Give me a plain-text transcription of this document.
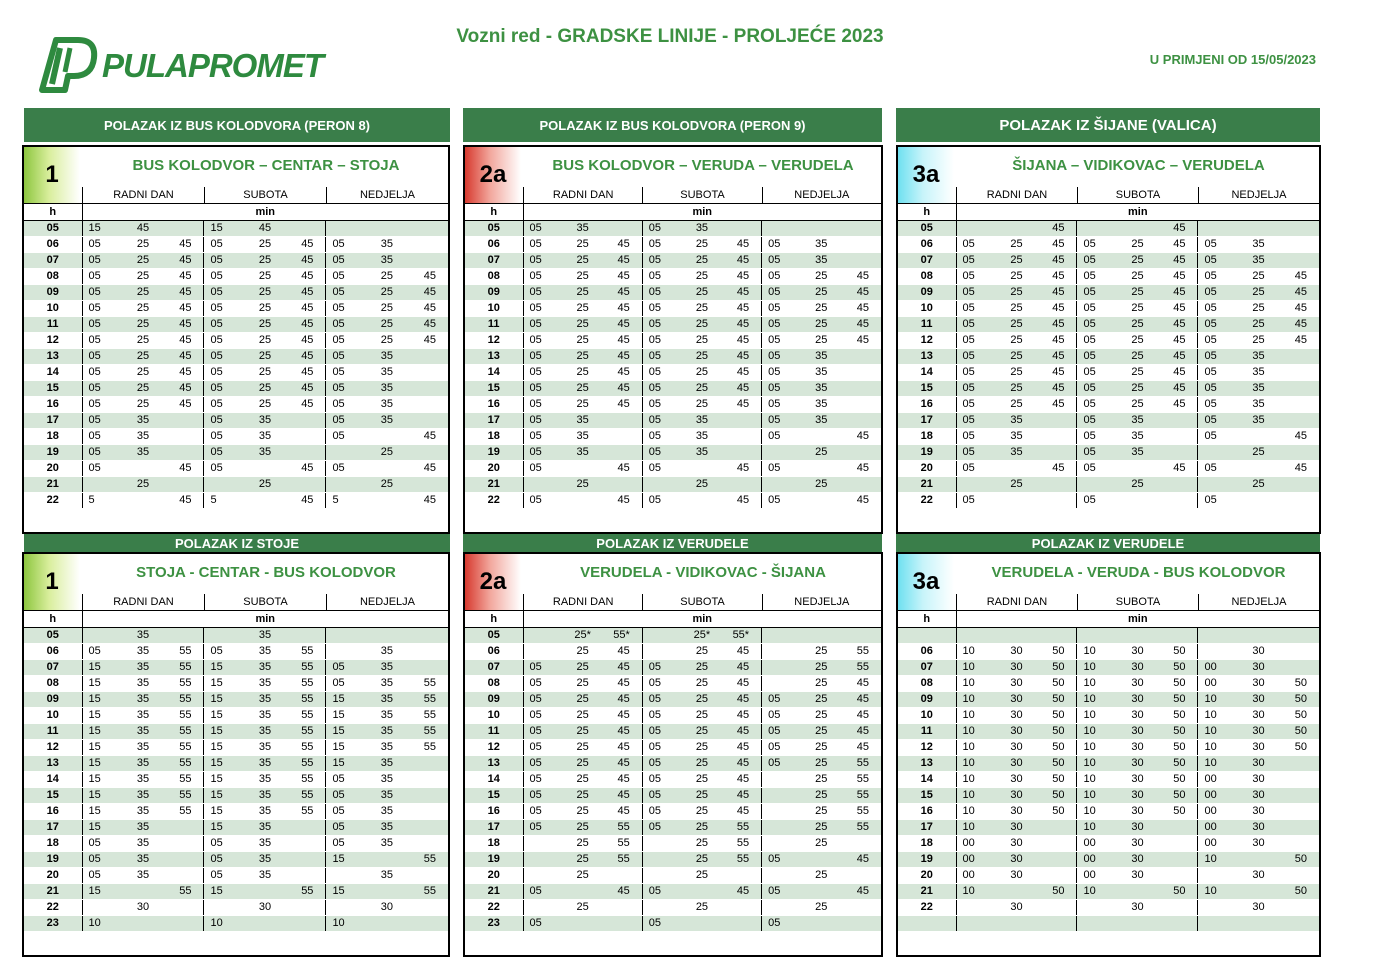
PULAPROMET
Vozni red - GRADSKE LINIJE - PROLJEĆE 2023
U PRIMJENI OD 15/05/2023
POLAZAK IZ BUS KOLODVORA (PERON 8)	POLAZAK IZ BUS KOLODVORA (PERON 9)	POLAZAK IZ ŠIJANE (VALICA)
POLAZAK IZ STOJE	POLAZAK IZ VERUDELE	POLAZAK IZ VERUDELE
1	BUS KOLODVOR – CENTAR – STOJA
RADNI DAN	SUBOTA	NEDJELJA
h	min								
05	15	45		15	45				
06	05	25	45	05	25	45	05	35	
07	05	25	45	05	25	45	05	35	
08	05	25	45	05	25	45	05	25	45
09	05	25	45	05	25	45	05	25	45
10	05	25	45	05	25	45	05	25	45
11	05	25	45	05	25	45	05	25	45
12	05	25	45	05	25	45	05	25	45
13	05	25	45	05	25	45	05	35	
14	05	25	45	05	25	45	05	35	
15	05	25	45	05	25	45	05	35	
16	05	25	45	05	25	45	05	35	
17	05	35		05	35		05	35	
18	05	35		05	35		05		45
19	05	35		05	35			25	
20	05		45	05		45	05		45
21		25			25			25	
22	5		45	5		45	5		45
2a	BUS KOLODVOR – VERUDA – VERUDELA
RADNI DAN	SUBOTA	NEDJELJA
h	min								
05	05	35		05	35				
06	05	25	45	05	25	45	05	35	
07	05	25	45	05	25	45	05	35	
08	05	25	45	05	25	45	05	25	45
09	05	25	45	05	25	45	05	25	45
10	05	25	45	05	25	45	05	25	45
11	05	25	45	05	25	45	05	25	45
12	05	25	45	05	25	45	05	25	45
13	05	25	45	05	25	45	05	35	
14	05	25	45	05	25	45	05	35	
15	05	25	45	05	25	45	05	35	
16	05	25	45	05	25	45	05	35	
17	05	35		05	35		05	35	
18	05	35		05	35		05		45
19	05	35		05	35			25	
20	05		45	05		45	05		45
21		25			25			25	
22	05		45	05		45	05		45
3a	ŠIJANA – VIDIKOVAC – VERUDELA
RADNI DAN	SUBOTA	NEDJELJA
h	min								
05			45			45			
06	05	25	45	05	25	45	05	35	
07	05	25	45	05	25	45	05	35	
08	05	25	45	05	25	45	05	25	45
09	05	25	45	05	25	45	05	25	45
10	05	25	45	05	25	45	05	25	45
11	05	25	45	05	25	45	05	25	45
12	05	25	45	05	25	45	05	25	45
13	05	25	45	05	25	45	05	35	
14	05	25	45	05	25	45	05	35	
15	05	25	45	05	25	45	05	35	
16	05	25	45	05	25	45	05	35	
17	05	35		05	35		05	35	
18	05	35		05	35		05		45
19	05	35		05	35			25	
20	05		45	05		45	05		45
21		25			25			25	
22	05			05			05		
1	STOJA - CENTAR - BUS KOLODVOR
RADNI DAN	SUBOTA	NEDJELJA
h	min								
05		35			35				
06	05	35	55	05	35	55		35	
07	15	35	55	15	35	55	05	35	
08	15	35	55	15	35	55	05	35	55
09	15	35	55	15	35	55	15	35	55
10	15	35	55	15	35	55	15	35	55
11	15	35	55	15	35	55	15	35	55
12	15	35	55	15	35	55	15	35	55
13	15	35	55	15	35	55	15	35	
14	15	35	55	15	35	55	05	35	
15	15	35	55	15	35	55	05	35	
16	15	35	55	15	35	55	05	35	
17	15	35		15	35		05	35	
18	05	35		05	35		05	35	
19	05	35		05	35		15		55
20	05	35		05	35			35	
21	15		55	15		55	15		55
22		30			30			30	
23	10			10			10		
2a	VERUDELA - VIDIKOVAC - ŠIJANA
RADNI DAN	SUBOTA	NEDJELJA
h	min								
05		25*	55*		25*	55*			
06		25	45		25	45		25	55
07	05	25	45	05	25	45		25	55
08	05	25	45	05	25	45		25	45
09	05	25	45	05	25	45	05	25	45
10	05	25	45	05	25	45	05	25	45
11	05	25	45	05	25	45	05	25	45
12	05	25	45	05	25	45	05	25	45
13	05	25	45	05	25	45	05	25	55
14	05	25	45	05	25	45		25	55
15	05	25	45	05	25	45		25	55
16	05	25	45	05	25	45		25	55
17	05	25	55	05	25	55		25	55
18		25	55		25	55		25	
19		25	55		25	55	05		45
20		25			25			25	
21	05		45	05		45	05		45
22		25			25			25	
23	05			05			05		
3a	VERUDELA - VERUDA - BUS KOLODVOR
RADNI DAN	SUBOTA	NEDJELJA
h	min								

06	10	30	50	10	30	50		30	
07	10	30	50	10	30	50	00	30	
08	10	30	50	10	30	50	00	30	50
09	10	30	50	10	30	50	10	30	50
10	10	30	50	10	30	50	10	30	50
11	10	30	50	10	30	50	10	30	50
12	10	30	50	10	30	50	10	30	50
13	10	30	50	10	30	50	10	30	
14	10	30	50	10	30	50	00	30	
15	10	30	50	10	30	50	00	30	
16	10	30	50	10	30	50	00	30	
17	10	30		10	30		00	30	
18	00	30		00	30		00	30	
19	00	30		00	30		10		50
20	00	30		00	30			30	
21	10		50	10		50	10		50
22		30			30			30	
